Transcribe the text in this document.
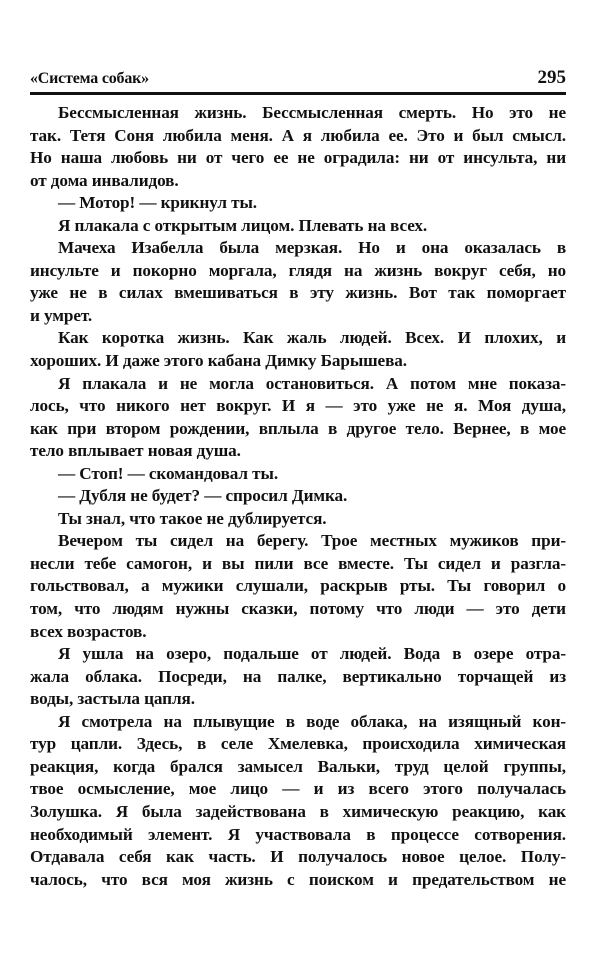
«Система собак»	295
Бессмысленная жизнь. Бессмысленная смерть. Но это не
так. Тетя Соня любила меня. А я любила ее. Это и был смысл.
Но наша любовь ни от чего ее не оградила: ни от инсульта, ни
от дома инвалидов.
— Мотор! — крикнул ты.
Я плакала с открытым лицом. Плевать на всех.
Мачеха Изабелла была мерзкая. Но и она оказалась в
инсульте и покорно моргала, глядя на жизнь вокруг себя, но
уже не в силах вмешиваться в эту жизнь. Вот так поморгает
и умрет.
Как коротка жизнь. Как жаль людей. Всех. И плохих, и
хороших. И даже этого кабана Димку Барышева.
Я плакала и не могла остановиться. А потом мне показа-
лось, что никого нет вокруг. И я — это уже не я. Моя душа,
как при втором рождении, вплыла в другое тело. Вернее, в мое
тело вплывает новая душа.
— Стоп! — скомандовал ты.
— Дубля не будет? — спросил Димка.
Ты знал, что такое не дублируется.
Вечером ты сидел на берегу. Трое местных мужиков при-
несли тебе самогон, и вы пили все вместе. Ты сидел и разгла-
гольствовал, а мужики слушали, раскрыв рты. Ты говорил о
том, что людям нужны сказки, потому что люди — это дети
всех возрастов.
Я ушла на озеро, подальше от людей. Вода в озере отра-
жала облака. Посреди, на палке, вертикально торчащей из
воды, застыла цапля.
Я смотрела на плывущие в воде облака, на изящный кон-
тур цапли. Здесь, в селе Хмелевка, происходила химическая
реакция, когда брался замысел Вальки, труд целой группы,
твое осмысление, мое лицо — и из всего этого получалась
Золушка. Я была задействована в химическую реакцию, как
необходимый элемент. Я участвовала в процессе сотворения.
Отдавала себя как часть. И получалось новое целое. Полу-
чалось, что вся моя жизнь с поиском и предательством не
